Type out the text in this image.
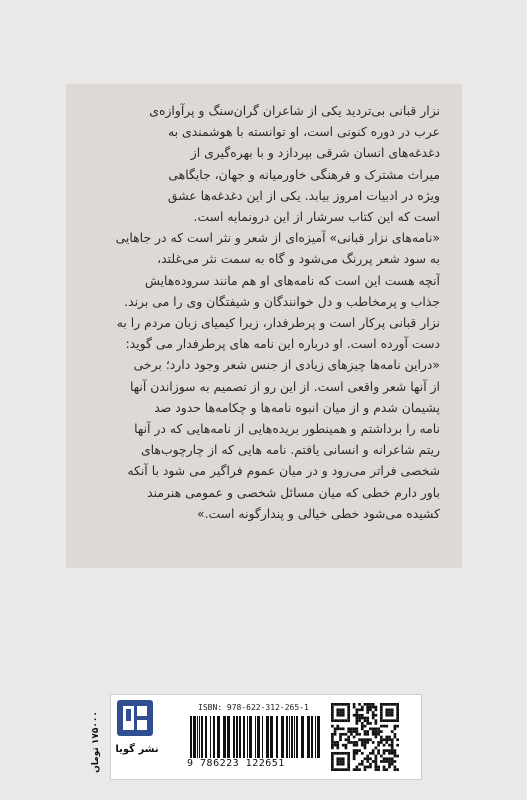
نزار قبانی بی‌تردید یکی از شاعران گران‌سنگ و پرآوازه‌ی
عرب در دوره کنونی است، او توانسته با هوشمندی به
دغدغه‌های انسان شرقی بپردازد و با بهره‌گیری از
میراث مشترک و فرهنگی خاورمیانه و جهان، جایگاهی
ویژه در ادبیات امروز بیابد. یکی از این دغدغه‌ها عشق
است که این کتاب سرشار از این درونمایه است.
«نامه‌های نزار قبانی» آمیزه‌ای از شعر و نثر است که در جاهایی
به سود شعر پررنگ می‌شود و گاه به سمت نثر می‌غلتد،
آنچه هست این است که نامه‌های او هم مانند سروده‌هایش
جذاب و پرمخاطب و دل خوانندگان و شیفتگان وی را می برند.
نزار قبانی پرکار است و پرطرفدار، زیرا کیمیای زبان مردم را به
دست آورده است. او درباره این نامه های پرطرفدار می گوید:
«دراین نامه‌ها چیزهای زیادی از جنس شعر وجود دارد؛ برخی
از آنها شعر واقعی است. از این رو از تصمیم به سوزاندن آنها
پشیمان شدم و از میان انبوه نامه‌ها و چکامه‌ها حدود صد
نامه را برداشتم و همینطور بریده‌هایی از نامه‌هایی که در آنها
ریتم شاعرانه و انسانی یافتم. نامه هایی که از چارچوب‌های
شخصی فراتر می‌رود و در میان عموم فراگیر می شود با آنکه
باور دارم خطی که میان مسائل شخصی و عمومی هنرمند
کشیده می‌شود خطی خیالی و پندارگونه است.»

نشر گویا
ISBN: 978-622-312-265-1
9 786223 122651
۱۷۵۰۰۰ تومان
